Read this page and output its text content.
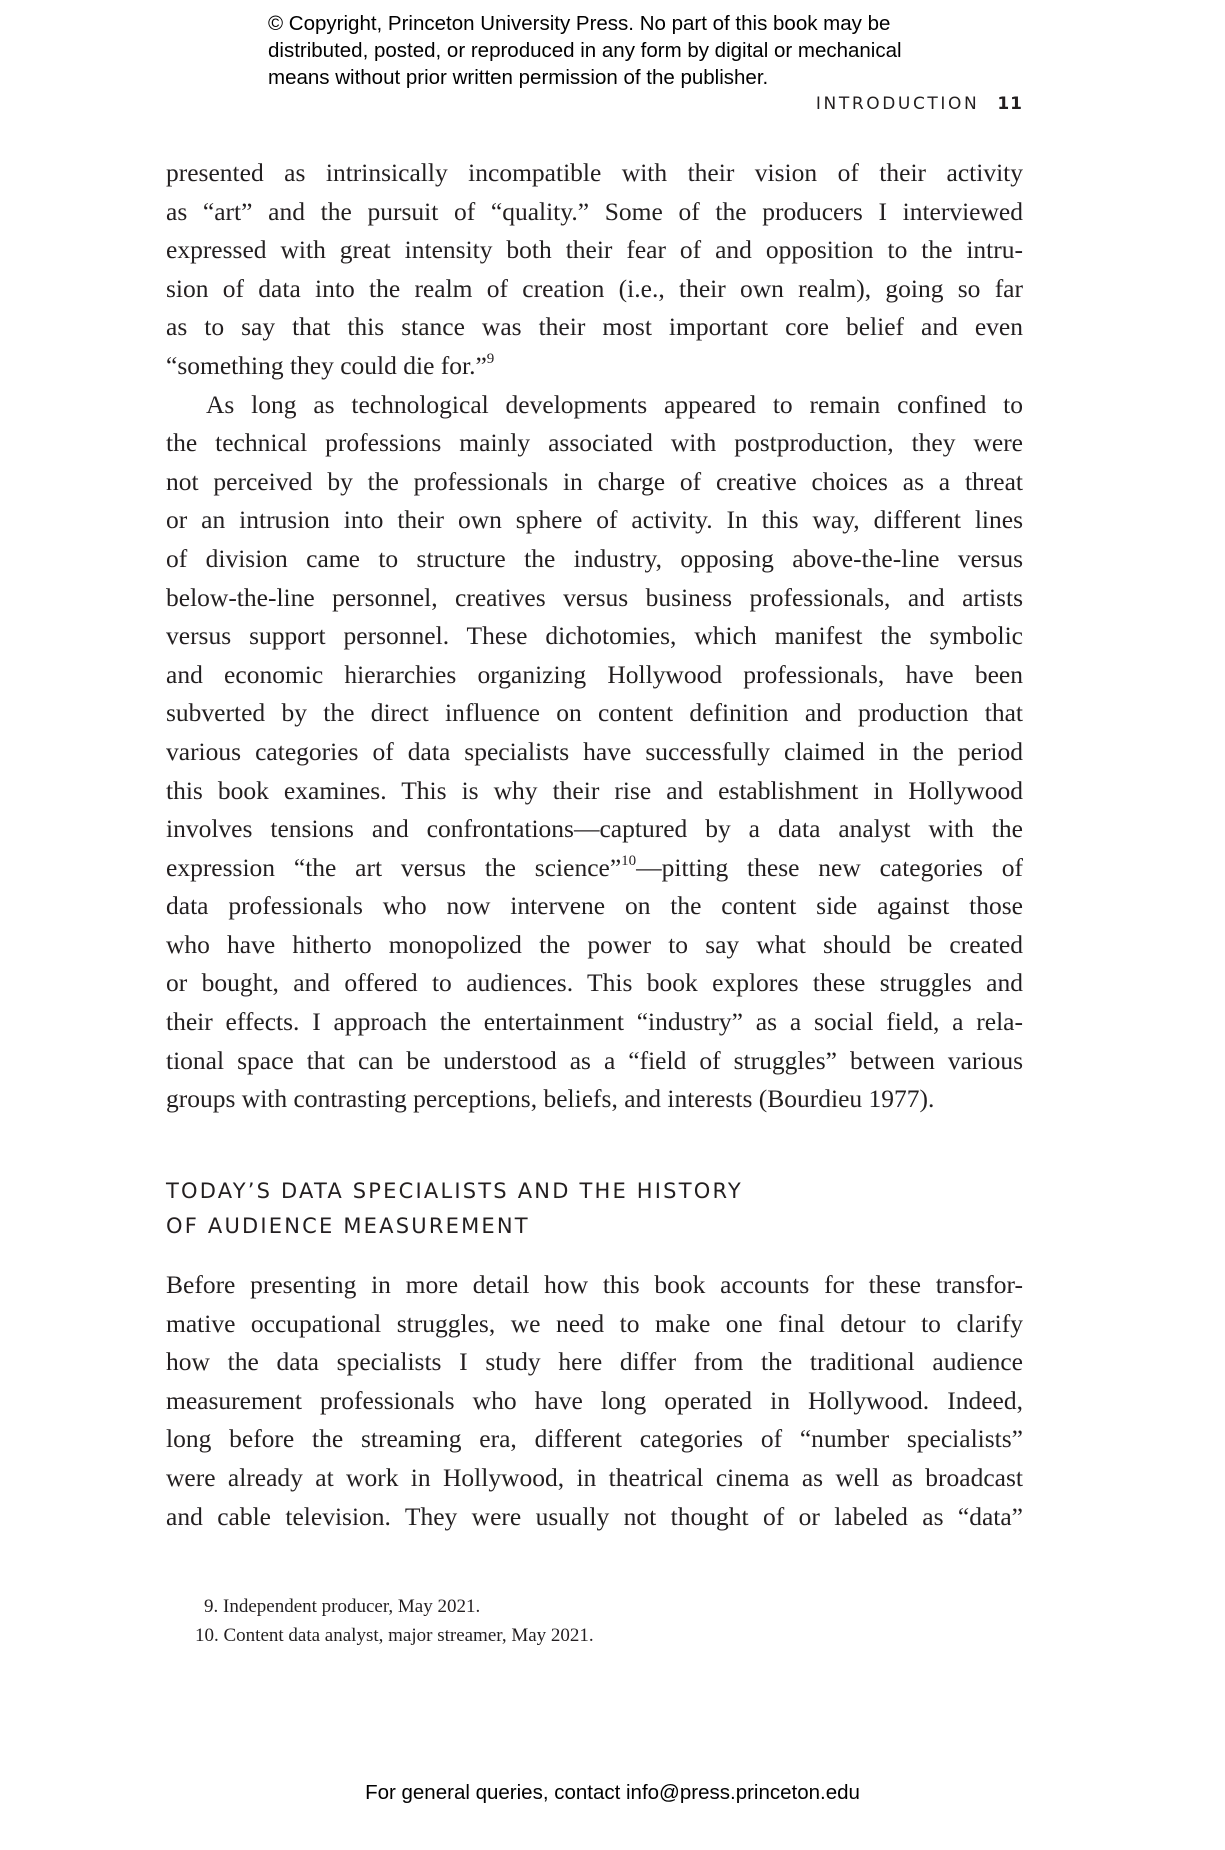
© Copyright, Princeton University Press. No part of this book may be
distributed, posted, or reproduced in any form by digital or mechanical
means without prior written permission of the publisher.
INTRODUCTION 11
presented as intrinsically incompatible with their vision of their activity
as “art” and the pursuit of “quality.” Some of the producers I interviewed
expressed with great intensity both their fear of and opposition to the intru-
sion of data into the realm of creation (i.e., their own realm), going so far
as to say that this stance was their most important core belief and even
“something they could die for.”$^9$
As long as technological developments appeared to remain confined to
the technical professions mainly associated with postproduction, they were
not perceived by the professionals in charge of creative choices as a threat
or an intrusion into their own sphere of activity. In this way, different lines
of division came to structure the industry, opposing above-the-line versus
below-the-line personnel, creatives versus business professionals, and artists
versus support personnel. These dichotomies, which manifest the symbolic
and economic hierarchies organizing Hollywood professionals, have been
subverted by the direct influence on content definition and production that
various categories of data specialists have successfully claimed in the period
this book examines. This is why their rise and establishment in Hollywood
involves tensions and confrontations—captured by a data analyst with the
expression “the art versus the science”$^{10}$—pitting these new categories of
data professionals who now intervene on the content side against those
who have hitherto monopolized the power to say what should be created
or bought, and offered to audiences. This book explores these struggles and
their effects. I approach the entertainment “industry” as a social field, a rela-
tional space that can be understood as a “field of struggles” between various
groups with contrasting perceptions, beliefs, and interests (Bourdieu 1977).
TODAY’S DATA SPECIALISTS AND THE HISTORY
OF AUDIENCE MEASUREMENT
Before presenting in more detail how this book accounts for these transfor-
mative occupational struggles, we need to make one final detour to clarify
how the data specialists I study here differ from the traditional audience
measurement professionals who have long operated in Hollywood. Indeed,
long before the streaming era, different categories of “number specialists”
were already at work in Hollywood, in theatrical cinema as well as broadcast
and cable television. They were usually not thought of or labeled as “data”
9. Independent producer, May 2021.
10. Content data analyst, major streamer, May 2021.
For general queries, contact info@press.princeton.edu
